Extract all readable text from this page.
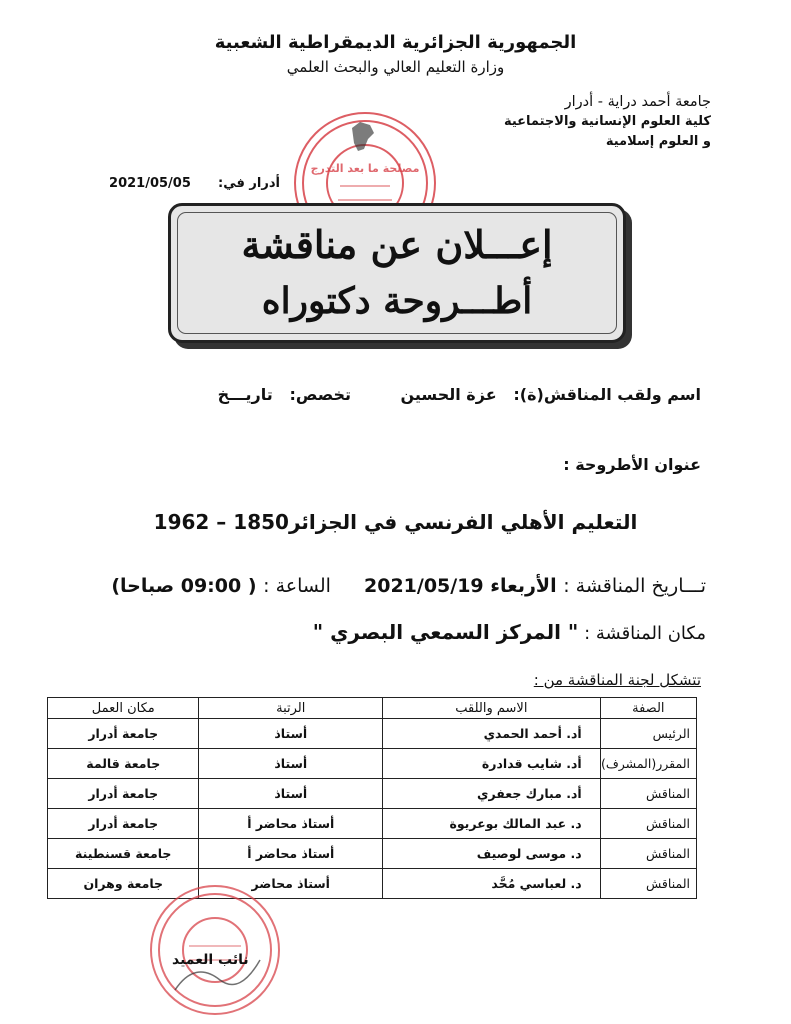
الجمهورية الجزائرية الديمقراطية الشعبية
وزارة التعليم العالي والبحث العلمي
جامعة أحمد دراية - أدرار
كلية العلوم الإنسانية والاجتماعية
و العلوم إسلامية
مصلحة ما بعد التدرج
أدرار في:      2021/05/05
إعـــلان عن مناقشة
أطـــروحة دكتوراه
اسم ولقب المناقش(ة):   عزة الحسين
تخصص:   تاريـــخ
عنوان الأطروحة :
التعليم الأهلي الفرنسي في الجزائر1850 – 1962
تـــاريخ المناقشة : الأربعاء 2021/05/19     الساعة : ( 09:00 صباحا)
مكان المناقشة : " المركز السمعي البصري "
تتشكل لجنة المناقشة من :
الصفة	الاسم واللقب	الرتبة	مكان العمل
الرئيس	أد. أحمد الحمدي	أستاذ	جامعة أدرار
المقرر(المشرف)	أد. شايب قدادرة	أستاذ	جامعة قالمة
المناقش	أد. مبارك جعفري	أستاذ	جامعة أدرار
المناقش	د. عبد المالك بوعريوة	أستاذ محاضر أ	جامعة أدرار
المناقش	د. موسى لوصيف	أستاذ محاضر أ	جامعة قسنطينة
المناقش	د. لعباسي مُحَّد	أستاذ محاضر	جامعة وهران
نائب العميد
